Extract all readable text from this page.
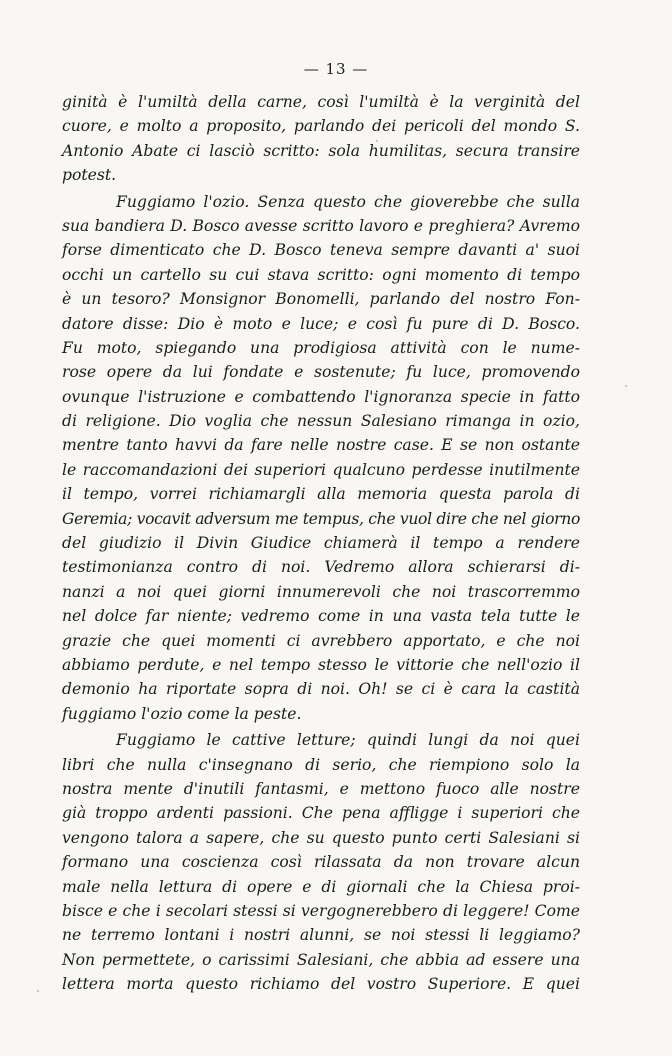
— 13 —
ginità è l'umiltà della carne, così l'umiltà è la verginità del
cuore, e molto a proposito, parlando dei pericoli del mondo S.
Antonio Abate ci lasciò scritto: sola humilitas, secura transire
potest.
Fuggiamo l'ozio. Senza questo che gioverebbe che sulla
sua bandiera D. Bosco avesse scritto lavoro e preghiera? Avremo
forse dimenticato che D. Bosco teneva sempre davanti a' suoi
occhi un cartello su cui stava scritto: ogni momento di tempo
è un tesoro? Monsignor Bonomelli, parlando del nostro Fon-
datore disse: Dio è moto e luce; e così fu pure di D. Bosco.
Fu moto, spiegando una prodigiosa attività con le nume-
rose opere da lui fondate e sostenute; fu luce, promovendo
ovunque l'istruzione e combattendo l'ignoranza specie in fatto
di religione. Dio voglia che nessun Salesiano rimanga in ozio,
mentre tanto havvi da fare nelle nostre case. E se non ostante
le raccomandazioni dei superiori qualcuno perdesse inutilmente
il tempo, vorrei richiamargli alla memoria questa parola di
Geremia; vocavit adversum me tempus, che vuol dire che nel giorno
del giudizio il Divin Giudice chiamerà il tempo a rendere
testimonianza contro di noi. Vedremo allora schierarsi di-
nanzi a noi quei giorni innumerevoli che noi trascorremmo
nel dolce far niente; vedremo come in una vasta tela tutte le
grazie che quei momenti ci avrebbero apportato, e che noi
abbiamo perdute, e nel tempo stesso le vittorie che nell'ozio il
demonio ha riportate sopra di noi. Oh! se ci è cara la castità
fuggiamo l'ozio come la peste.
Fuggiamo le cattive letture; quindi lungi da noi quei
libri che nulla c'insegnano di serio, che riempiono solo la
nostra mente d'inutili fantasmi, e mettono fuoco alle nostre
già troppo ardenti passioni. Che pena affligge i superiori che
vengono talora a sapere, che su questo punto certi Salesiani si
formano una coscienza così rilassata da non trovare alcun
male nella lettura di opere e di giornali che la Chiesa proi-
bisce e che i secolari stessi si vergognerebbero di leggere! Come
ne terremo lontani i nostri alunni, se noi stessi li leggiamo?
Non permettete, o carissimi Salesiani, che abbia ad essere una
lettera morta questo richiamo del vostro Superiore. E quei
